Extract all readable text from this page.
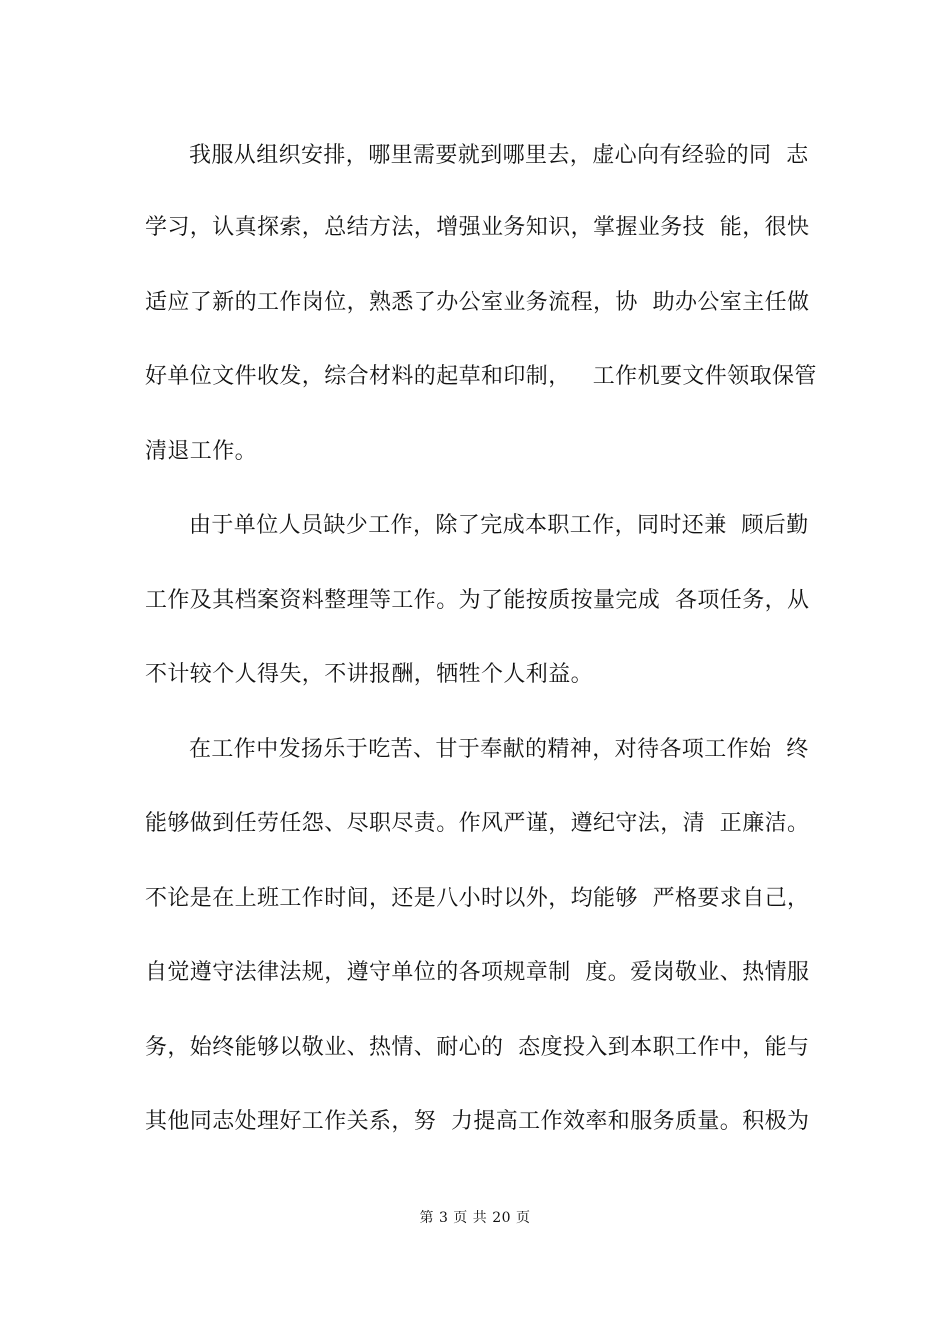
我服从组织安排，哪里需要就到哪里去，虚心向有经验的同  志
学习，认真探索，总结方法，增强业务知识，掌握业务技  能，很快
适应了新的工作岗位，熟悉了办公室业务流程，协  助办公室主任做
好单位文件收发，综合材料的起草和印制，   工作机要文件领取保管
清退工作。
由于单位人员缺少工作，除了完成本职工作，同时还兼  顾后勤
工作及其档案资料整理等工作。为了能按质按量完成  各项任务，从
不计较个人得失，不讲报酬，牺牲个人利益。
在工作中发扬乐于吃苦、甘于奉献的精神，对待各项工作始  终
能够做到任劳任怨、尽职尽责。作风严谨，遵纪守法，清  正廉洁。
不论是在上班工作时间，还是八小时以外，均能够  严格要求自己，
自觉遵守法律法规，遵守单位的各项规章制  度。爱岗敬业、热情服
务，始终能够以敬业、热情、耐心的  态度投入到本职工作中，能与
其他同志处理好工作关系，努  力提高工作效率和服务质量。积极为
第 3 页 共 20 页
